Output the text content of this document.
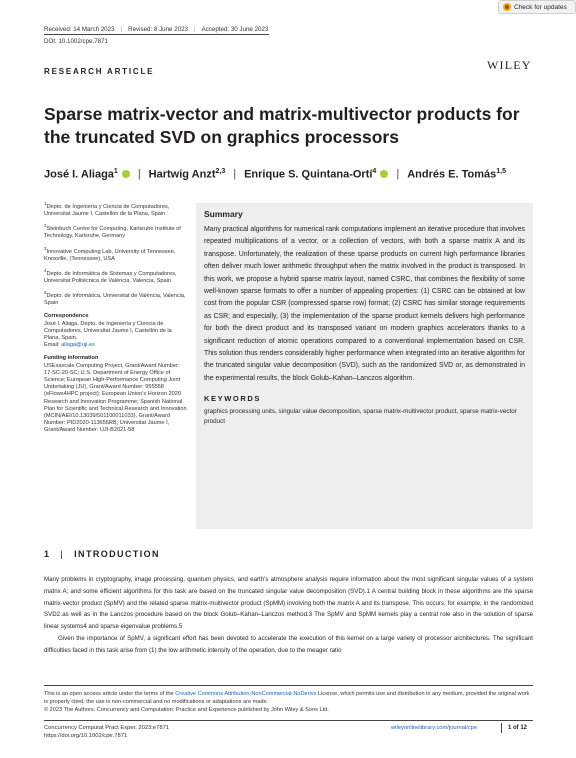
Check for updates
Received: 14 March 2023 | Revised: 8 June 2023 | Accepted: 30 June 2023
DOI: 10.1002/cpe.7871
RESEARCH ARTICLE	WILEY
Sparse matrix-vector and matrix-multivector products for the truncated SVD on graphics processors
José I. Aliaga$^1$ | Hartwig Anzt$^{2,3}$ | Enrique S. Quintana-Ortí$^4$ | Andrés E. Tomás$^{1,5}$
$^1$Depto. de Ingeniería y Ciencia de Computadores, Universitat Jaume I, Castellón de la Plana, Spain
$^2$Steinbuch Centre for Computing, Karlsruhe Institute of Technology, Karlsruhe, Germany
$^3$Innovative Computing Lab, University of Tennessee, Knoxville, (Tennessee), USA
$^4$Depto. de Informática de Sistemas y Computadores, Universitat Politècnica de València, Valencia, Spain
$^5$Depto. de Informàtica, Universitat de València, Valencia, Spain
Correspondence
José I. Aliaga, Depto. de Ingeniería y Ciencia de Computadores, Universitat Jaume I, Castellón de la Plana, Spain.
Email: aliaga@uji.es
Funding information
USExascale Computing Project, Grant/Award Number: 17-SC-20-SC; U.S. Department of Energy Office of Science; European High-Performance Computing Joint Undertaking (JU), Grant/Award Number: 955558 (eFlows4HPC project); European Union's Horizon 2020 Research and Innovation Programme; Spanish National Plan for Scientific and Technical Research and Innovation (MCIN/AEI/10.13039/501100011033), Grant/Award Number: PID2020-113656RB; Universitat Jaume I, Grant/Award Number: UJI-B2021-58
Summary
Many practical algorithms for numerical rank computations implement an iterative procedure that involves repeated multiplications of a vector, or a collection of vectors, with both a sparse matrix A and its transpose. Unfortunately, the realization of these sparse products on current high performance libraries often deliver much lower arithmetic throughput when the matrix involved in the product is transposed. In this work, we propose a hybrid sparse matrix layout, named CSRC, that combines the flexibility of some well-known sparse formats to offer a number of appealing properties: (1) CSRC can be obtained at low cost from the popular CSR (compressed sparse row) format; (2) CSRC has similar storage requirements as CSR; and especially, (3) the implementation of the sparse product kernels delivers high performance for both the direct product and its transposed variant on modern graphics accelerators thanks to a significant reduction of atomic operations compared to a conventional implementation based on CSR. This solution thus renders considerably higher performance when integrated into an iterative algorithm for the truncated singular value decomposition (SVD), such as the randomized SVD or, as demonstrated in the experimental results, the block Golub–Kahan–Lanczos algorithm.
KEYWORDS
graphics processing units, singular value decomposition, sparse matrix-multivector product, sparse matrix-vector product
1 | INTRODUCTION
Many problems in cryptography, image processing, quantum physics, and earth's atmosphere analysis require information about the most significant singular values of a system matrix A; and some efficient algorithms for this task are based on the truncated singular value decomposition (SVD).1 A central building block in these algorithms are the sparse matrix-vector product (SpMV) and the related sparse matrix-multivector product (SpMM) involving both the matrix A and its transpose. This occurs, for example, in the randomized SVD2 as well as in the Lanczos procedure based on the block Golub–Kahan–Lanczos method.3 The SpMV and SpMM kernels play a central role also in the solution of sparse linear systems4 and sparse eigenvalue problems.5
Given the importance of SpMV, a significant effort has been devoted to accelerate the execution of this kernel on a large variety of processor architectures. The significant difficulties faced in this task arise from (1) the low arithmetic intensity of the operation, due to the meager ratio
This is an open access article under the terms of the Creative Commons Attribution-NonCommercial-NoDerivs License, which permits use and distribution in any medium, provided the original work is properly cited, the use is non-commercial and no modifications or adaptations are made.
© 2023 The Authors. Concurrency and Computation: Practice and Experience published by John Wiley & Sons Ltd.
Concurrency Computat Pract Exper. 2023;e7871
https://doi.org/10.1002/cpe.7871
wileyonlinelibrary.com/journal/cpe	1 of 12
